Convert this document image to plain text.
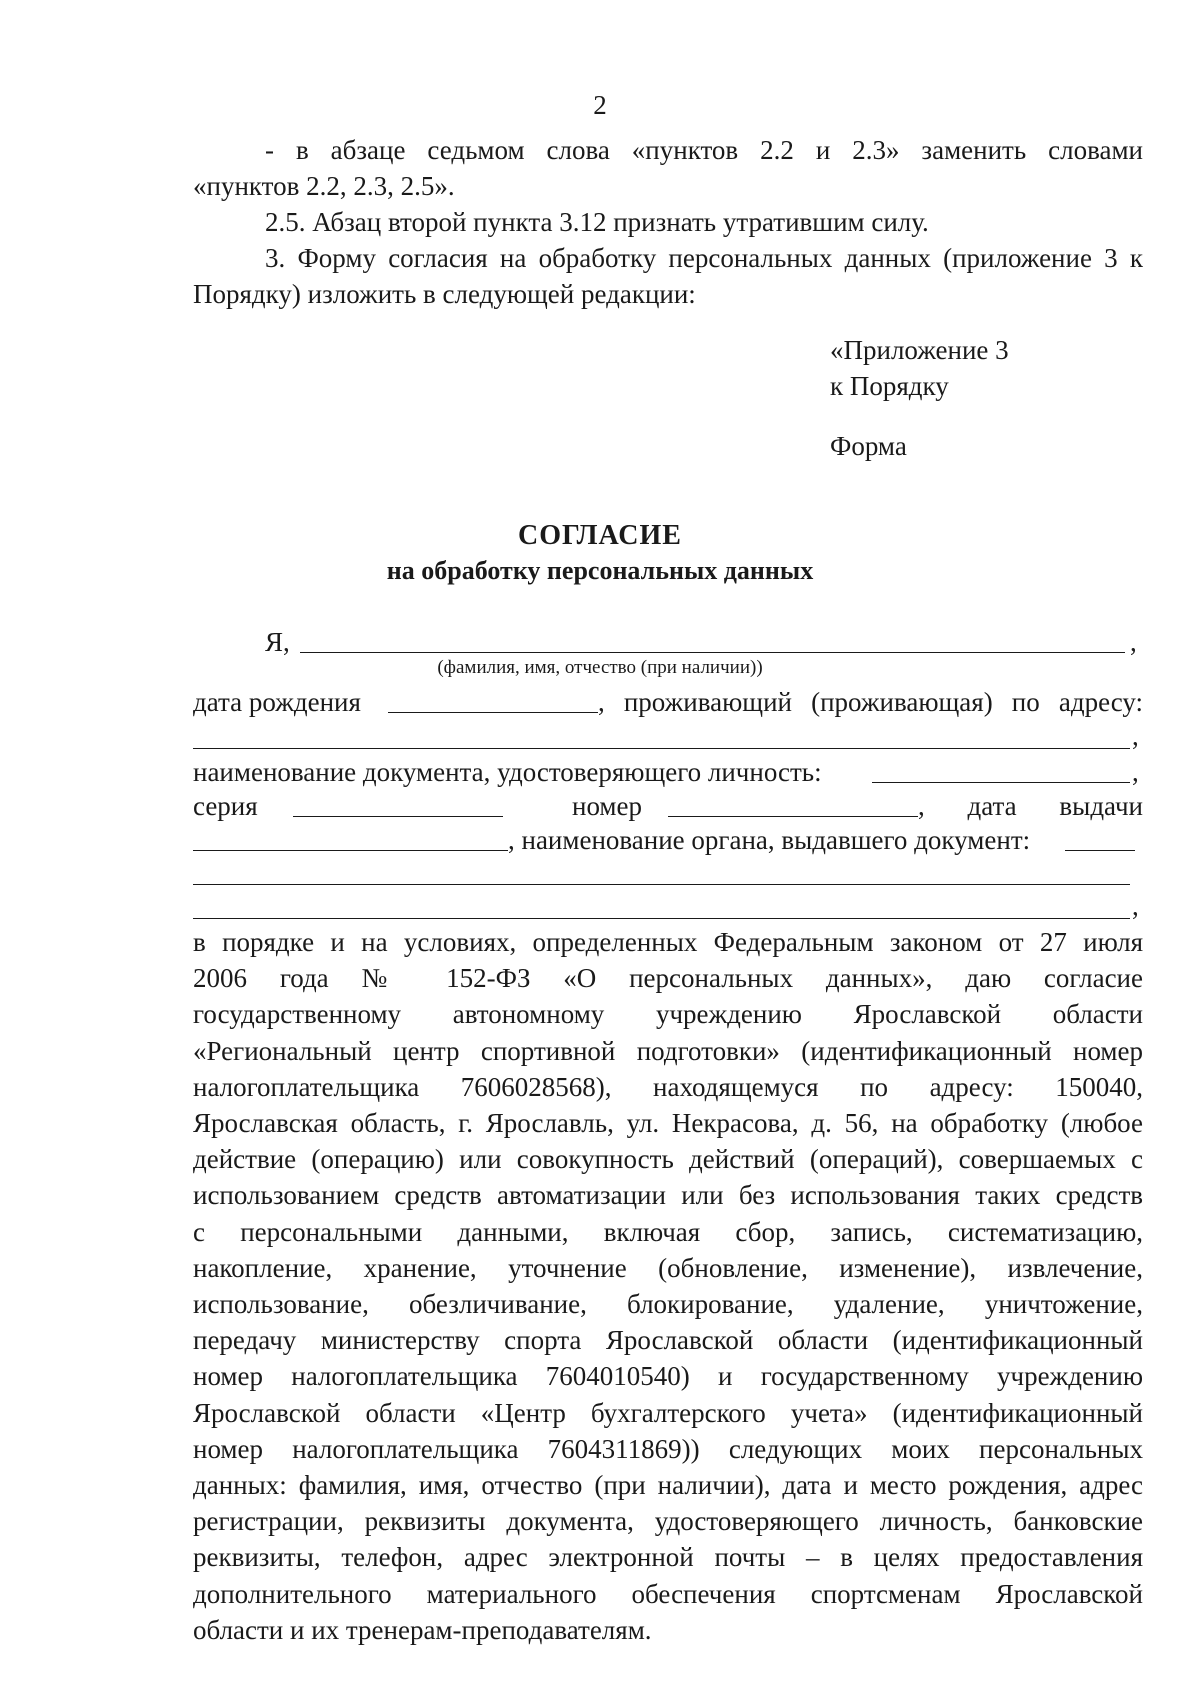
2
- в абзаце седьмом слова «пунктов 2.2 и 2.3» заменить словами
«пунктов 2.2, 2.3, 2.5».
2.5. Абзац второй пункта 3.12 признать утратившим силу.
3. Форму согласия на обработку персональных данных (приложение 3 к
Порядку) изложить в следующей редакции:
«Приложение 3
к Порядку
Форма
СОГЛАСИЕ
на обработку персональных данных
Я,	,
(фамилия, имя, отчество (при наличии))
дата рождения	, проживающий (проживающая) по адресу:
,
наименование документа, удостоверяющего личность:	,
серия	номер	, дата выдачи
, наименование органа, выдавшего документ:
,
в порядке и на условиях, определенных Федеральным законом от 27 июля
2006 года № 152-ФЗ «О персональных данных», даю согласие
государственному автономному учреждению Ярославской области
«Региональный центр спортивной подготовки» (идентификационный номер
налогоплательщика 7606028568), находящемуся по адресу: 150040,
Ярославская область, г. Ярославль, ул. Некрасова, д. 56, на обработку (любое
действие (операцию) или совокупность действий (операций), совершаемых с
использованием средств автоматизации или без использования таких средств
с персональными данными, включая сбор, запись, систематизацию,
накопление, хранение, уточнение (обновление, изменение), извлечение,
использование, обезличивание, блокирование, удаление, уничтожение,
передачу министерству спорта Ярославской области (идентификационный
номер налогоплательщика 7604010540) и государственному учреждению
Ярославской области «Центр бухгалтерского учета» (идентификационный
номер налогоплательщика 7604311869)) следующих моих персональных
данных: фамилия, имя, отчество (при наличии), дата и место рождения, адрес
регистрации, реквизиты документа, удостоверяющего личность, банковские
реквизиты, телефон, адрес электронной почты – в целях предоставления
дополнительного материального обеспечения спортсменам Ярославской
области и их тренерам-преподавателям.
